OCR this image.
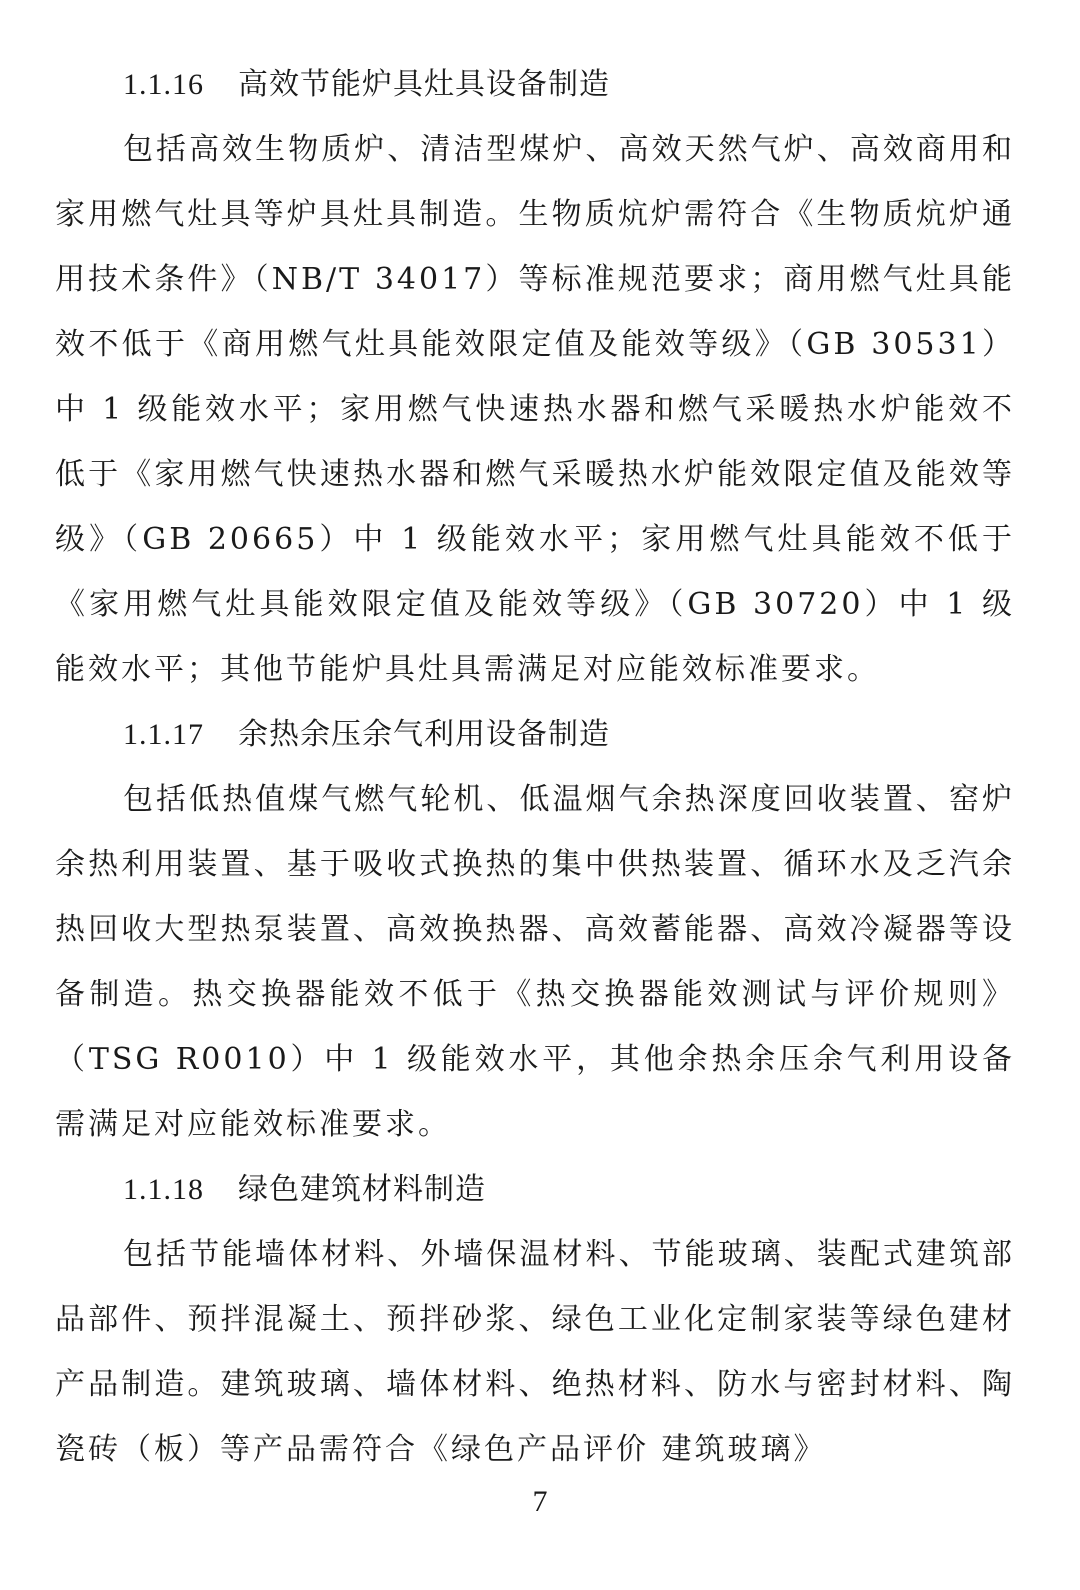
1.1.16 高效节能炉具灶具设备制造

包括高效生物质炉、清洁型煤炉、高效天然气炉、高效商用和家用燃气灶具等炉具灶具制造。生物质炕炉需符合《生物质炕炉通用技术条件》（NB/T 34017）等标准规范要求；商用燃气灶具能效不低于《商用燃气灶具能效限定值及能效等级》（GB 30531）中 1 级能效水平；家用燃气快速热水器和燃气采暖热水炉能效不低于《家用燃气快速热水器和燃气采暖热水炉能效限定值及能效等级》（GB 20665）中 1 级能效水平；家用燃气灶具能效不低于《家用燃气灶具能效限定值及能效等级》（GB 30720）中 1 级能效水平；其他节能炉具灶具需满足对应能效标准要求。

1.1.17 余热余压余气利用设备制造

包括低热值煤气燃气轮机、低温烟气余热深度回收装置、窑炉余热利用装置、基于吸收式换热的集中供热装置、循环水及乏汽余热回收大型热泵装置、高效换热器、高效蓄能器、高效冷凝器等设备制造。热交换器能效不低于《热交换器能效测试与评价规则》（TSG R0010）中 1 级能效水平，其他余热余压余气利用设备需满足对应能效标准要求。

1.1.18 绿色建筑材料制造

包括节能墙体材料、外墙保温材料、节能玻璃、装配式建筑部品部件、预拌混凝土、预拌砂浆、绿色工业化定制家装等绿色建材产品制造。建筑玻璃、墙体材料、绝热材料、防水与密封材料、陶瓷砖（板）等产品需符合《绿色产品评价 建筑玻璃》

7
